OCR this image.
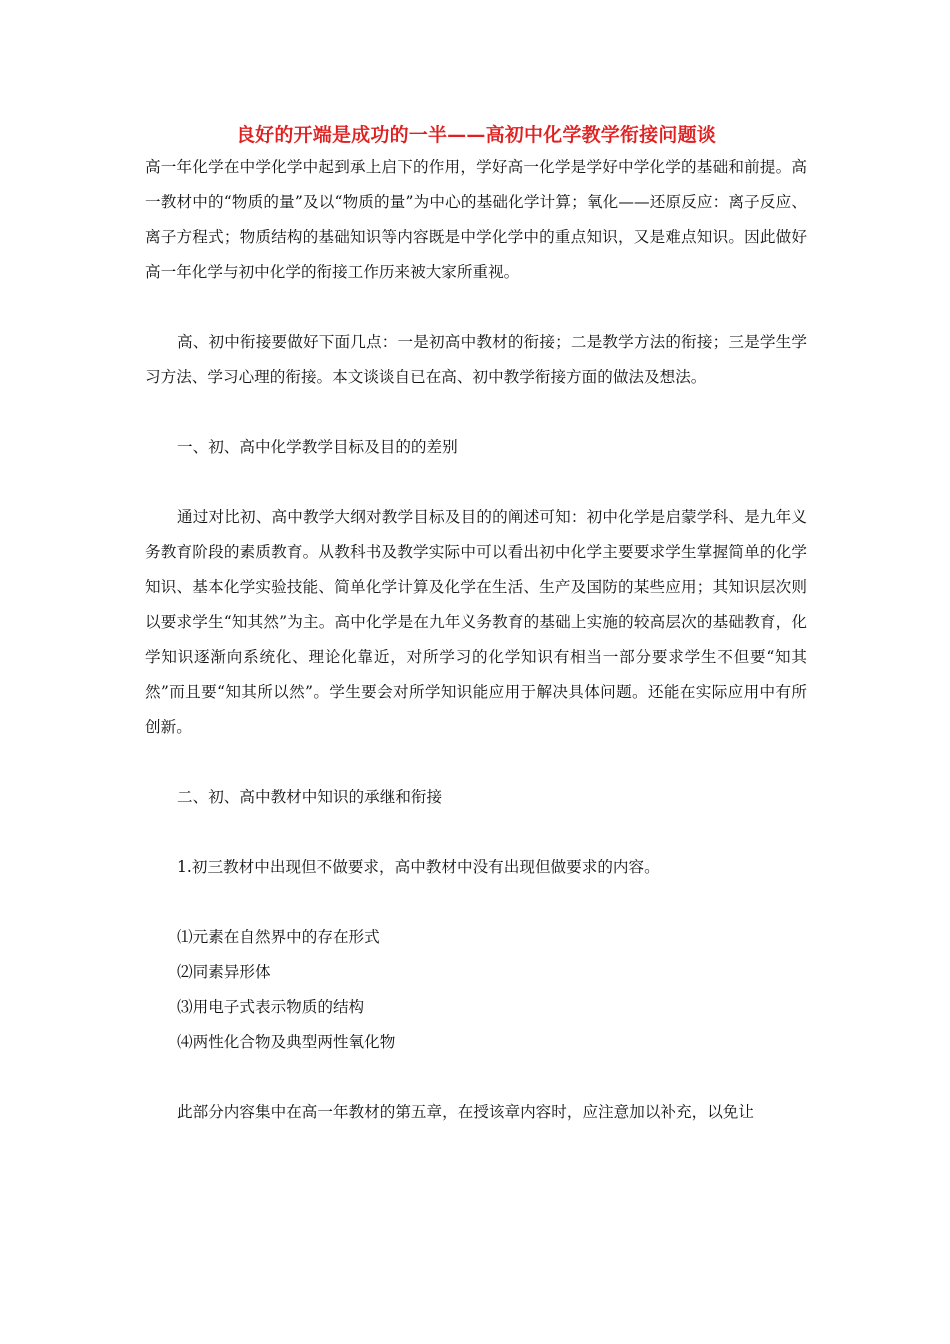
良好的开端是成功的一半——高初中化学教学衔接问题谈

高一年化学在中学化学中起到承上启下的作用，学好高一化学是学好中学化学的基础和前提。高一教材中的“物质的量”及以“物质的量”为中心的基础化学计算；氧化——还原反应：离子反应、离子方程式；物质结构的基础知识等内容既是中学化学中的重点知识，又是难点知识。因此做好高一年化学与初中化学的衔接工作历来被大家所重视。

高、初中衔接要做好下面几点：一是初高中教材的衔接；二是教学方法的衔接；三是学生学习方法、学习心理的衔接。本文谈谈自已在高、初中教学衔接方面的做法及想法。

一、初、高中化学教学目标及目的的差别

通过对比初、高中教学大纲对教学目标及目的的阐述可知：初中化学是启蒙学科、是九年义务教育阶段的素质教育。从教科书及教学实际中可以看出初中化学主要要求学生掌握简单的化学知识、基本化学实验技能、简单化学计算及化学在生活、生产及国防的某些应用；其知识层次则以要求学生“知其然”为主。高中化学是在九年义务教育的基础上实施的较高层次的基础教育，化学知识逐渐向系统化、理论化靠近，对所学习的化学知识有相当一部分要求学生不但要“知其然”而且要“知其所以然”。学生要会对所学知识能应用于解决具体问题。还能在实际应用中有所创新。

二、初、高中教材中知识的承继和衔接

1.初三教材中出现但不做要求，高中教材中没有出现但做要求的内容。

⑴元素在自然界中的存在形式

⑵同素异形体

⑶用电子式表示物质的结构

⑷两性化合物及典型两性氧化物

此部分内容集中在高一年教材的第五章，在授该章内容时，应注意加以补充，以免让
